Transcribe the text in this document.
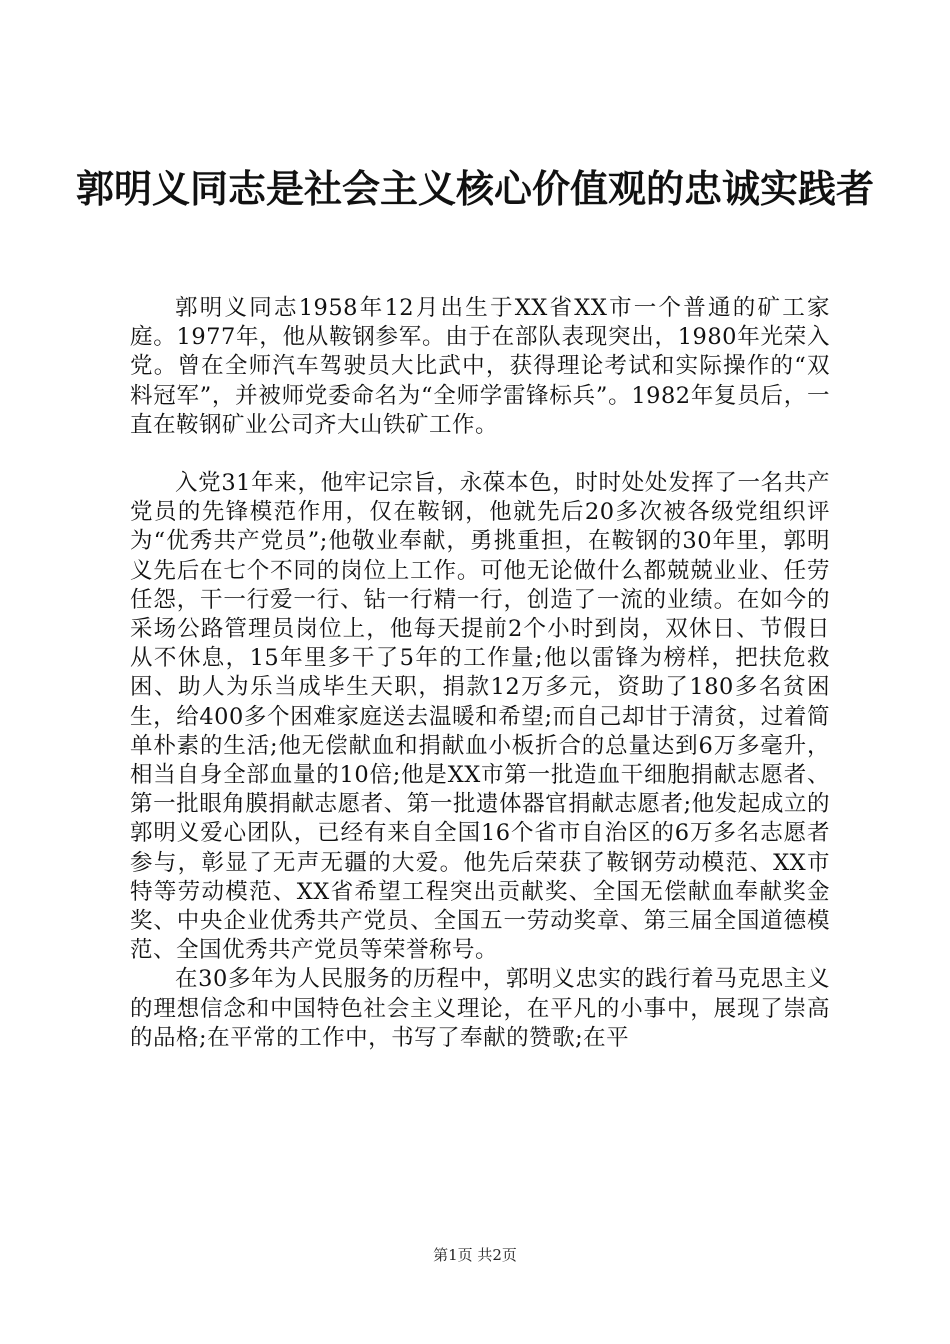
郭明义同志是社会主义核心价值观的忠诚实践者

郭明义同志1958年12月出生于XX省XX市一个普通的矿工家庭。1977年，他从鞍钢参军。由于在部队表现突出，1980年光荣入党。曾在全师汽车驾驶员大比武中，获得理论考试和实际操作的“双料冠军”，并被师党委命名为“全师学雷锋标兵”。1982年复员后，一直在鞍钢矿业公司齐大山铁矿工作。

入党31年来，他牢记宗旨，永葆本色，时时处处发挥了一名共产党员的先锋模范作用，仅在鞍钢，他就先后20多次被各级党组织评为“优秀共产党员”;他敬业奉献，勇挑重担，在鞍钢的30年里，郭明义先后在七个不同的岗位上工作。可他无论做什么都兢兢业业、任劳任怨，干一行爱一行、钻一行精一行，创造了一流的业绩。在如今的采场公路管理员岗位上，他每天提前2个小时到岗，双休日、节假日从不休息，15年里多干了5年的工作量;他以雷锋为榜样，把扶危救困、助人为乐当成毕生天职，捐款12万多元，资助了180多名贫困生，给400多个困难家庭送去温暖和希望;而自己却甘于清贫，过着简单朴素的生活;他无偿献血和捐献血小板折合的总量达到6万多毫升，相当自身全部血量的10倍;他是XX市第一批造血干细胞捐献志愿者、第一批眼角膜捐献志愿者、第一批遗体器官捐献志愿者;他发起成立的郭明义爱心团队，已经有来自全国16个省市自治区的6万多名志愿者参与，彰显了无声无疆的大爱。他先后荣获了鞍钢劳动模范、XX市特等劳动模范、XX省希望工程突出贡献奖、全国无偿献血奉献奖金奖、中央企业优秀共产党员、全国五一劳动奖章、第三届全国道德模范、全国优秀共产党员等荣誉称号。

在30多年为人民服务的历程中，郭明义忠实的践行着马克思主义的理想信念和中国特色社会主义理论，在平凡的小事中，展现了崇高的品格;在平常的工作中，书写了奉献的赞歌;在平

第1页 共2页
